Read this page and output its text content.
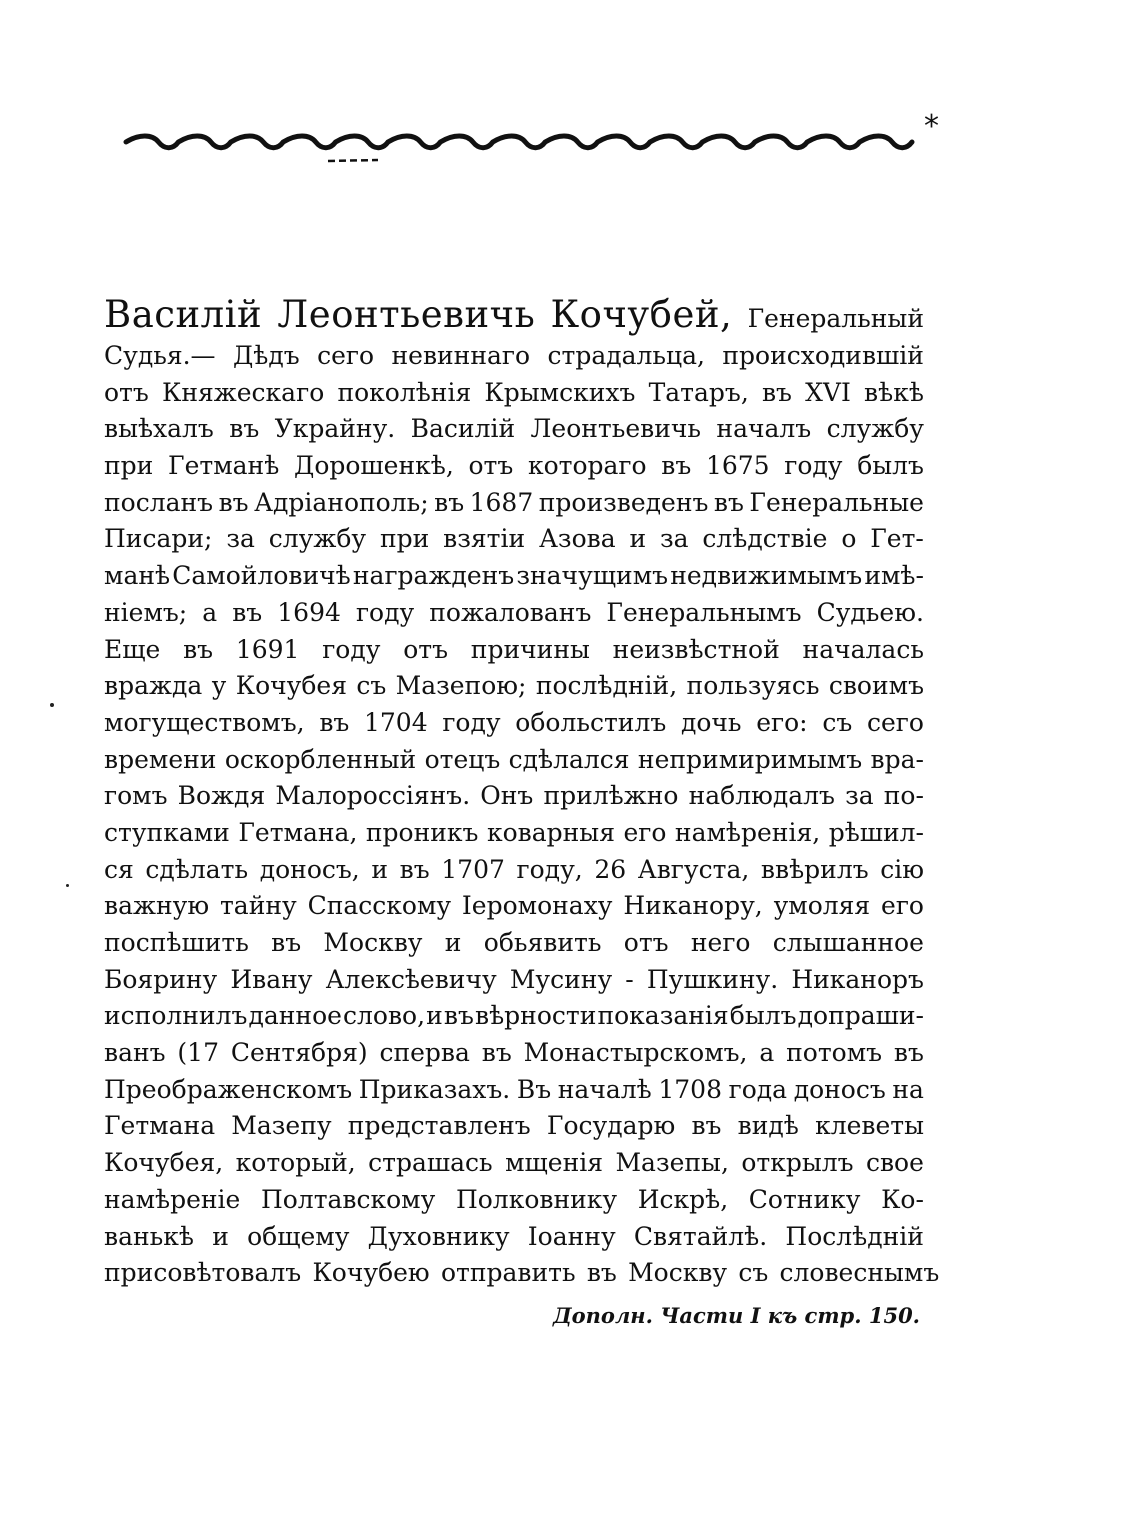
*
Василій Леонтьевичь Кочубей, Генеральный
Судья.— Дѣдъ сего невиннаго страдальца, происходившій
отъ Княжескаго поколѣнія Крымскихъ Татаръ, въ XVI вѣкѣ
выѣхалъ въ Украйну. Василій Леонтьевичь началъ службу
при Гетманѣ Дорошенкѣ, отъ котораго въ 1675 году былъ
посланъ въ Адріанополь; въ 1687 произведенъ въ Генеральные
Писари; за службу при взятіи Азова и за слѣдствіе о Гет-
манѣ Самойловичѣ награжденъ значущимъ недвижимымъ имѣ-
ніемъ; а въ 1694 году пожалованъ Генеральнымъ Судьею.
Еще въ 1691 году отъ причины неизвѣстной началась
вражда у Кочубея съ Мазепою; послѣдній, пользуясь своимъ
могуществомъ, въ 1704 году обольстилъ дочь его: съ сего
времени оскорбленный отецъ сдѣлался непримиримымъ вра-
гомъ Вождя Малороссіянъ. Онъ прилѣжно наблюдалъ за по-
ступками Гетмана, проникъ коварныя его намѣренія, рѣшил-
ся сдѣлать доносъ, и въ 1707 году, 26 Августа, ввѣрилъ сію
важную тайну Спасскому Іеромонаху Никанору, умоляя его
поспѣшить въ Москву и обьявить отъ него слышанное
Боярину Ивану Алексѣевичу Мусину - Пушкину. Никаноръ
исполнилъ данное слово, и въ вѣрности показанія былъ допраши-
ванъ (17 Сентября) сперва въ Монастырскомъ, а потомъ въ
Преображенскомъ Приказахъ. Въ началѣ 1708 года доносъ на
Гетмана Мазепу представленъ Государю въ видѣ клеветы
Кочубея, который, страшась мщенія Мазепы, открылъ свое
намѣреніе Полтавскому Полковнику Искрѣ, Сотнику Ко-
ванькѣ и общему Духовнику Іоанну Святайлѣ. Послѣдній
присовѣтовалъ Кочубею отправить въ Москву съ словеснымъ
Дополн. Части I къ стр. 150.
